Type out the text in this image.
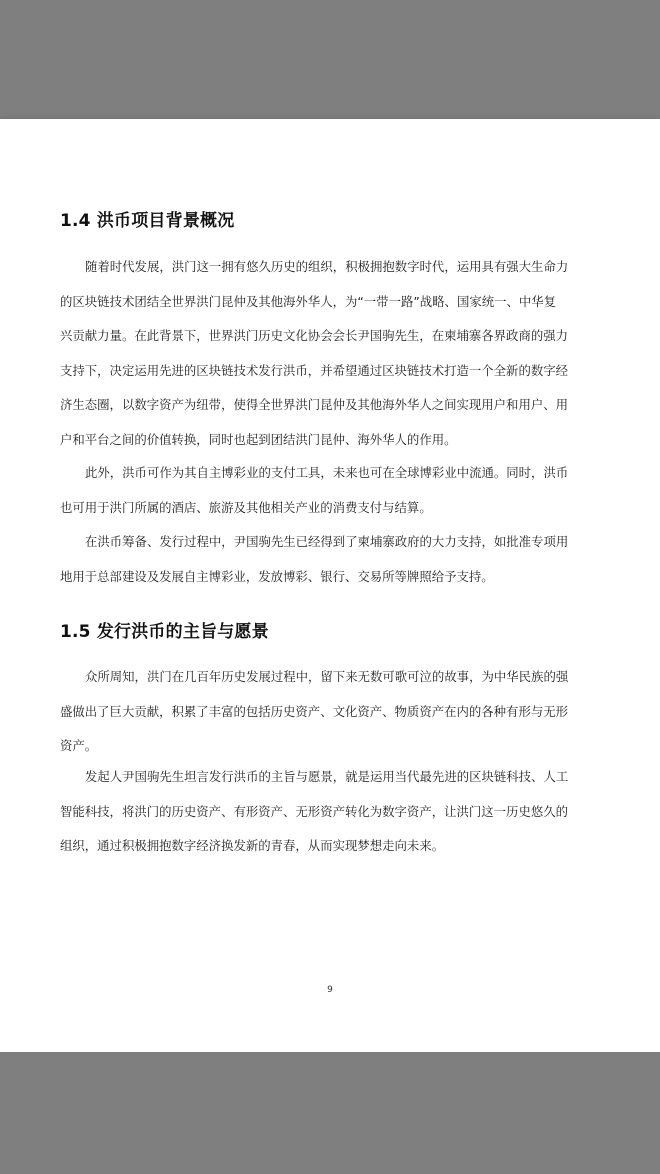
1.4 洪币项目背景概况

随着时代发展，洪门这一拥有悠久历史的组织，积极拥抱数字时代，运用具有强大生命力
的区块链技术团结全世界洪门昆仲及其他海外华人，为“一带一路”战略、国家统一、中华复
兴贡献力量。在此背景下，世界洪门历史文化协会会长尹国驹先生，在柬埔寨各界政商的强力
支持下，决定运用先进的区块链技术发行洪币，并希望通过区块链技术打造一个全新的数字经
济生态圈，以数字资产为纽带，使得全世界洪门昆仲及其他海外华人之间实现用户和用户、用
户和平台之间的价值转换，同时也起到团结洪门昆仲、海外华人的作用。

此外，洪币可作为其自主博彩业的支付工具，未来也可在全球博彩业中流通。同时，洪币
也可用于洪门所属的酒店、旅游及其他相关产业的消费支付与结算。

在洪币筹备、发行过程中，尹国驹先生已经得到了柬埔寨政府的大力支持，如批准专项用
地用于总部建设及发展自主博彩业，发放博彩、银行、交易所等牌照给予支持。

1.5 发行洪币的主旨与愿景

众所周知，洪门在几百年历史发展过程中，留下来无数可歌可泣的故事，为中华民族的强
盛做出了巨大贡献，积累了丰富的包括历史资产、文化资产、物质资产在内的各种有形与无形
资产。

发起人尹国驹先生坦言发行洪币的主旨与愿景，就是运用当代最先进的区块链科技、人工
智能科技，将洪门的历史资产、有形资产、无形资产转化为数字资产，让洪门这一历史悠久的
组织，通过积极拥抱数字经济换发新的青春，从而实现梦想走向未来。

9
